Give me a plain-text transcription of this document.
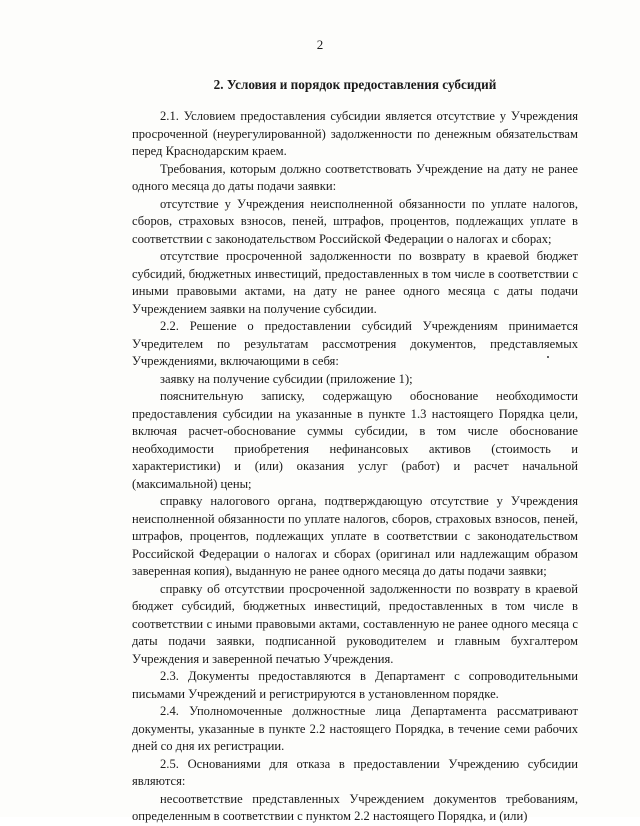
2
2. Условия и порядок предоставления субсидий

2.1. Условием предоставления субсидии является отсутствие у Учреждения просроченной (неурегулированной) задолженности по денежным обязательствам перед Краснодарским краем.

Требования, которым должно соответствовать Учреждение на дату не ранее одного месяца до даты подачи заявки:

отсутствие у Учреждения неисполненной обязанности по уплате налогов, сборов, страховых взносов, пеней, штрафов, процентов, подлежащих уплате в соответствии с законодательством Российской Федерации о налогах и сборах;

отсутствие просроченной задолженности по возврату в краевой бюджет субсидий, бюджетных инвестиций, предоставленных в том числе в соответствии с иными правовыми актами, на дату не ранее одного месяца с даты подачи Учреждением заявки на получение субсидии.

2.2. Решение о предоставлении субсидий Учреждениям принимается Учредителем по результатам рассмотрения документов, представляемых Учреждениями, включающими в себя:

заявку на получение субсидии (приложение 1);

пояснительную записку, содержащую обоснование необходимости предоставления субсидии на указанные в пункте 1.3 настоящего Порядка цели, включая расчет-обоснование суммы субсидии, в том числе обоснование необходимости приобретения нефинансовых активов (стоимость и характеристики) и (или) оказания услуг (работ) и расчет начальной (максимальной) цены;

справку налогового органа, подтверждающую отсутствие у Учреждения неисполненной обязанности по уплате налогов, сборов, страховых взносов, пеней, штрафов, процентов, подлежащих уплате в соответствии с законодательством Российской Федерации о налогах и сборах (оригинал или надлежащим образом заверенная копия), выданную не ранее одного месяца до даты подачи заявки;

справку об отсутствии просроченной задолженности по возврату в краевой бюджет субсидий, бюджетных инвестиций, предоставленных в том числе в соответствии с иными правовыми актами, составленную не ранее одного месяца с даты подачи заявки, подписанной руководителем и главным бухгалтером Учреждения и заверенной печатью Учреждения.

2.3. Документы предоставляются в Департамент с сопроводительными письмами Учреждений и регистрируются в установленном порядке.

2.4. Уполномоченные должностные лица Департамента рассматривают документы, указанные в пункте 2.2 настоящего Порядка, в течение семи рабочих дней со дня их регистрации.

2.5. Основаниями для отказа в предоставлении Учреждению субсидии являются:

несоответствие представленных Учреждением документов требованиям, определенным в соответствии с пунктом 2.2 настоящего Порядка, и (или)
